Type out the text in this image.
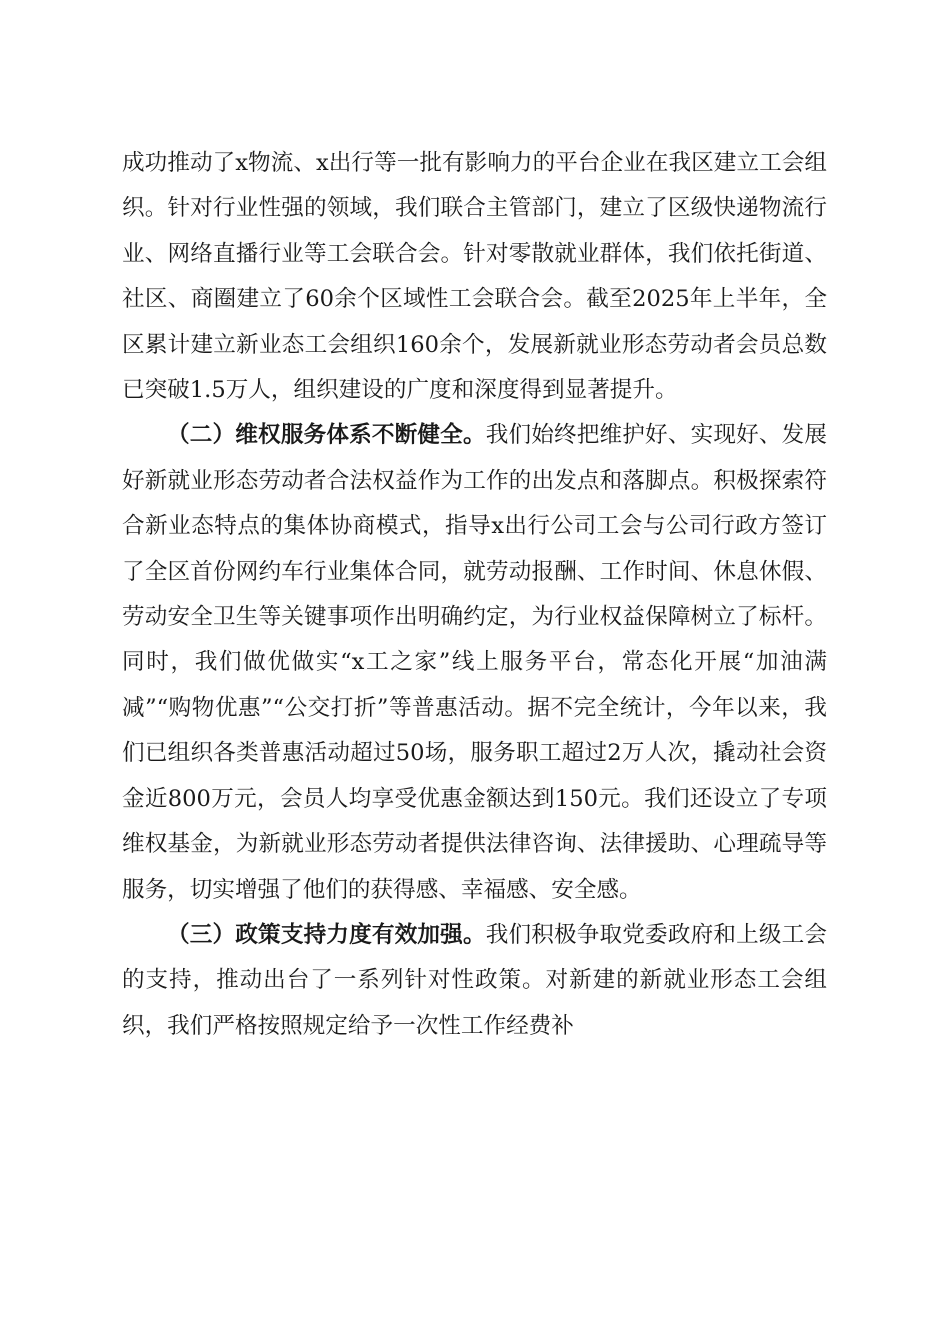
成功推动了x物流、x出行等一批有影响力的平台企业在我区建立工会组织。针对行业性强的领域，我们联合主管部门，建立了区级快递物流行业、网络直播行业等工会联合会。针对零散就业群体，我们依托街道、社区、商圈建立了60余个区域性工会联合会。截至2025年上半年，全区累计建立新业态工会组织160余个，发展新就业形态劳动者会员总数已突破1.5万人，组织建设的广度和深度得到显著提升。

（二）维权服务体系不断健全。我们始终把维护好、实现好、发展好新就业形态劳动者合法权益作为工作的出发点和落脚点。积极探索符合新业态特点的集体协商模式，指导x出行公司工会与公司行政方签订了全区首份网约车行业集体合同，就劳动报酬、工作时间、休息休假、劳动安全卫生等关键事项作出明确约定，为行业权益保障树立了标杆。同时，我们做优做实“x工之家”线上服务平台，常态化开展“加油满减”“购物优惠”“公交打折”等普惠活动。据不完全统计，今年以来，我们已组织各类普惠活动超过50场，服务职工超过2万人次，撬动社会资金近800万元，会员人均享受优惠金额达到150元。我们还设立了专项维权基金，为新就业形态劳动者提供法律咨询、法律援助、心理疏导等服务，切实增强了他们的获得感、幸福感、安全感。

（三）政策支持力度有效加强。我们积极争取党委政府和上级工会的支持，推动出台了一系列针对性政策。对新建的新就业形态工会组织，我们严格按照规定给予一次性工作经费补
